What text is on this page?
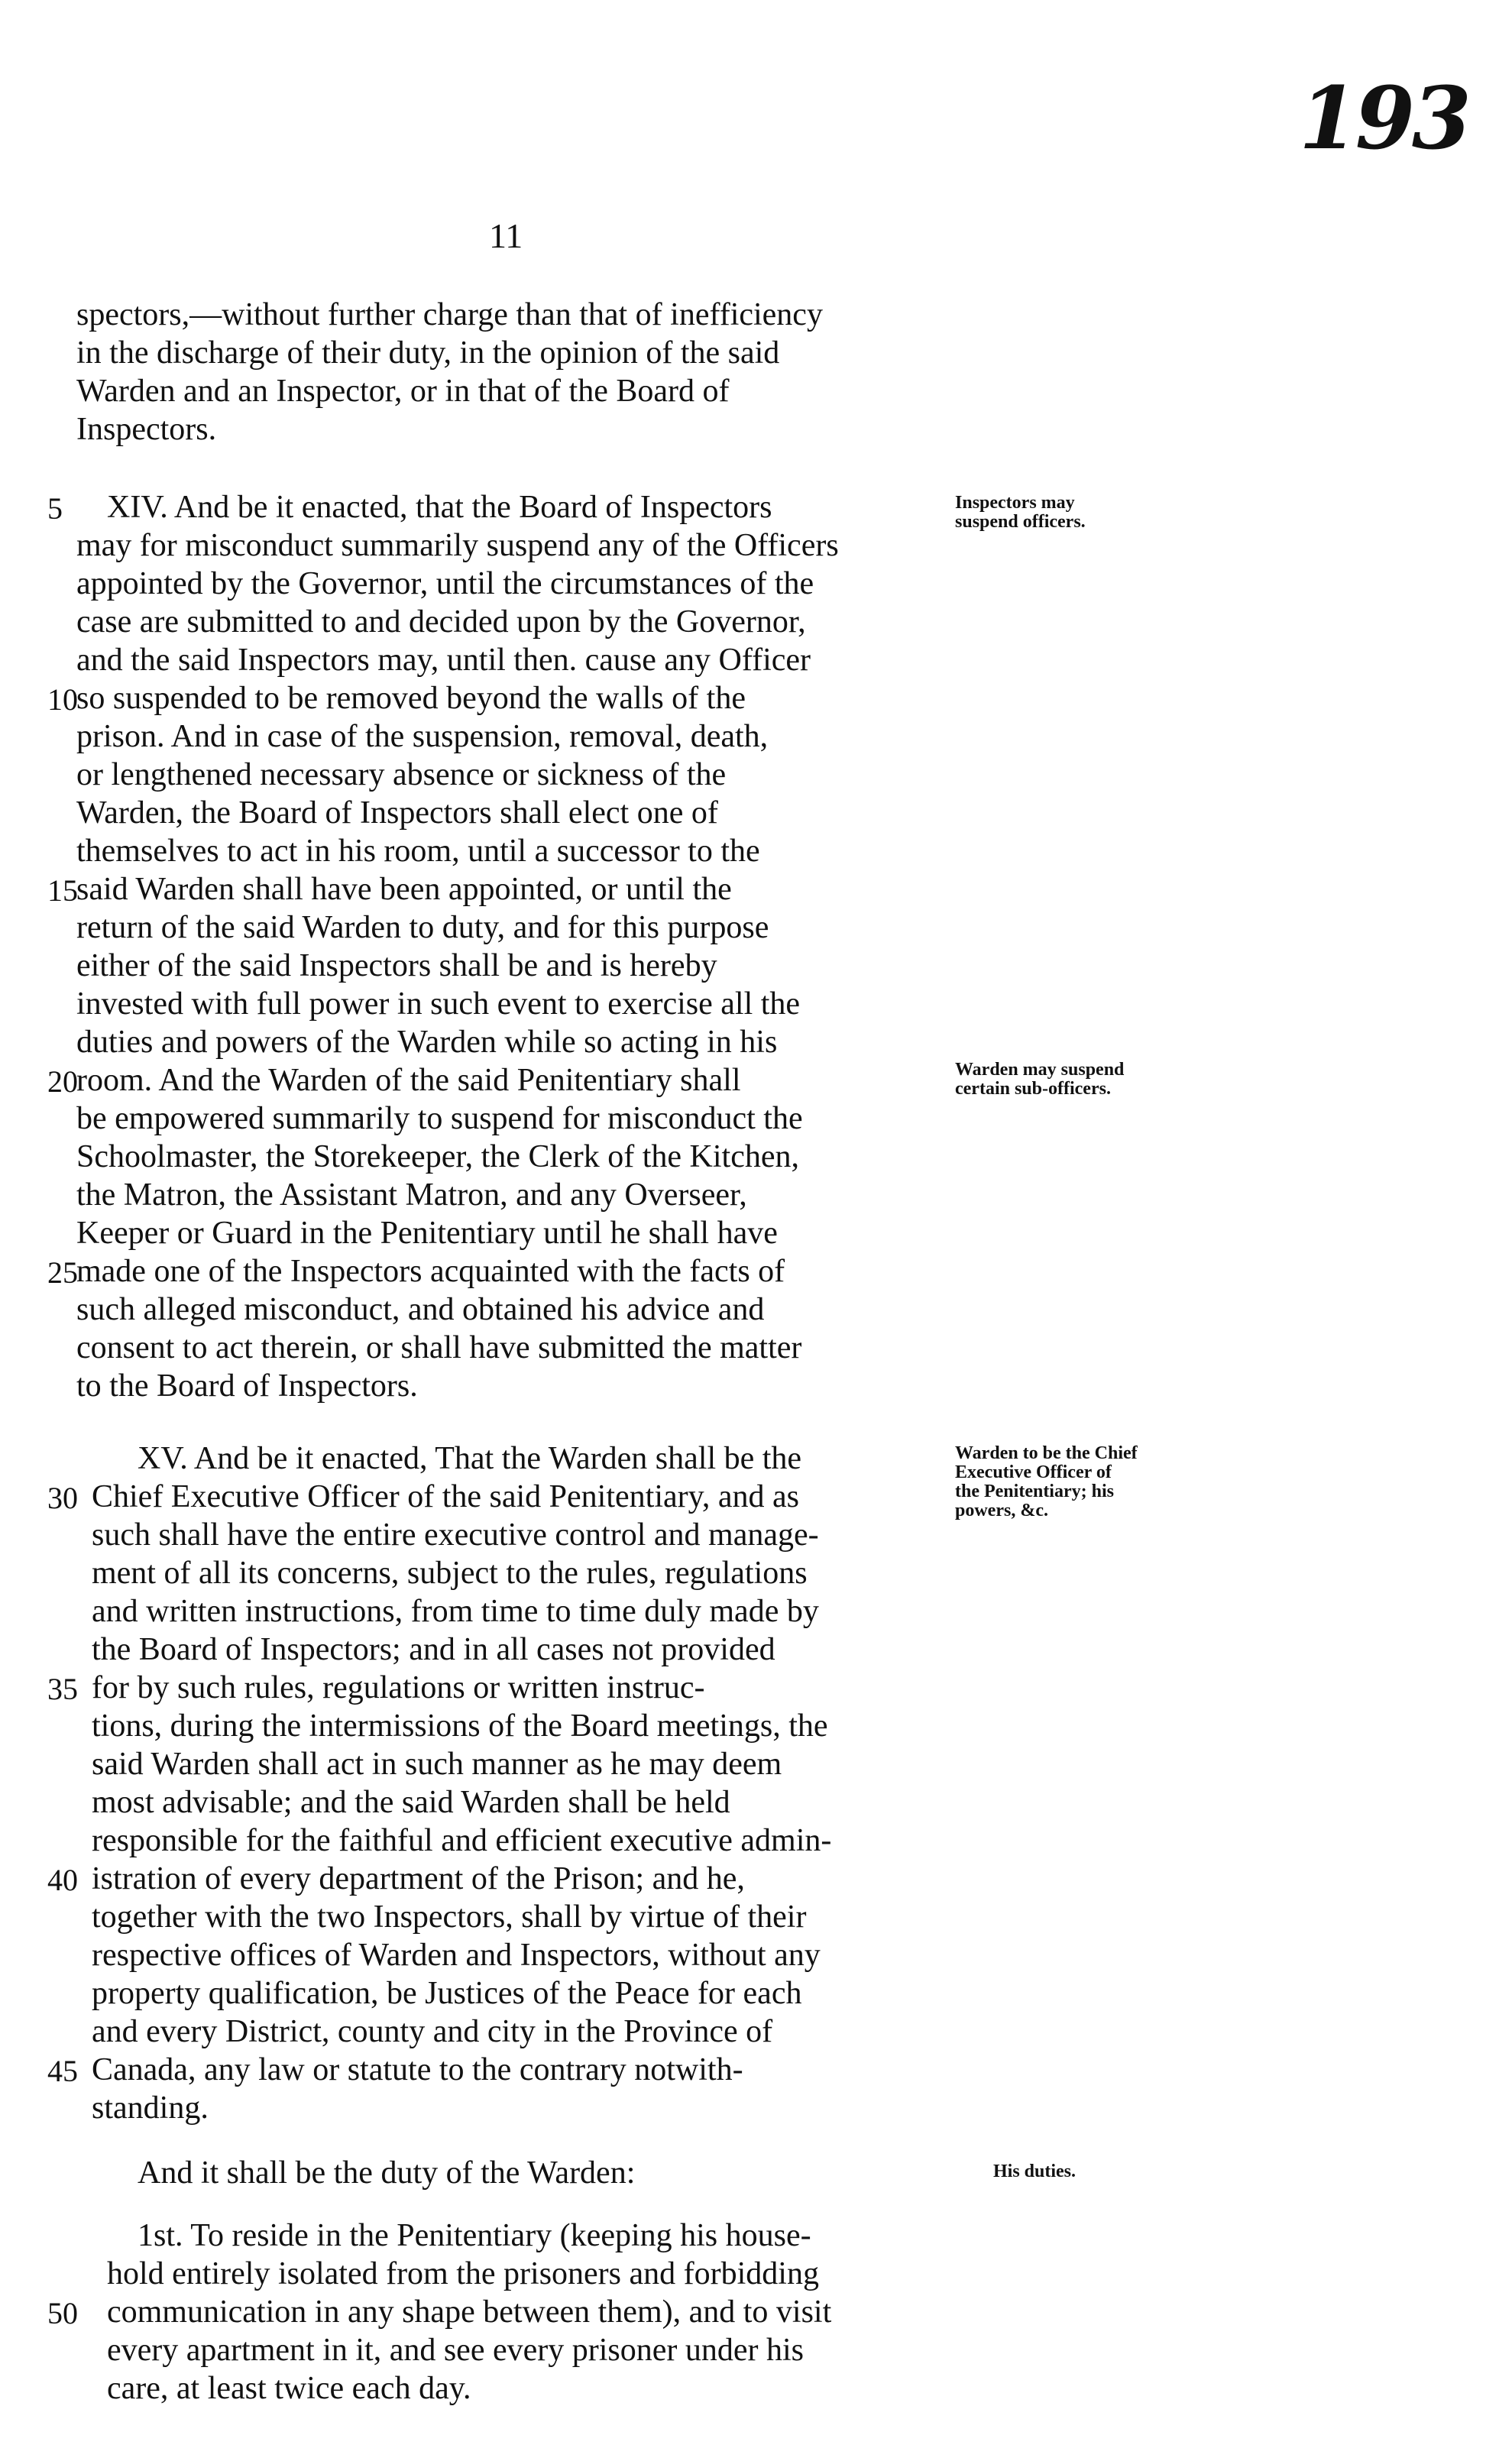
193
11
spectors,—without further charge than that of inefficiency
in the discharge of their duty, in the opinion of the said
Warden and an Inspector, or in that of the Board of
Inspectors.
5	XIV. And be it enacted, that the Board of Inspectors
may for misconduct summarily suspend any of the Officers
appointed by the Governor, until the circumstances of the
case are submitted to and decided upon by the Governor,
and the said Inspectors may, until then. cause any Officer
10
so suspended to be removed beyond the walls of the
prison. And in case of the suspension, removal, death,
or lengthened necessary absence or sickness of the
Warden, the Board of Inspectors shall elect one of
themselves to act in his room, until a successor to the
15
said Warden shall have been appointed, or until the
return of the said Warden to duty, and for this purpose
either of the said Inspectors shall be and is hereby
invested with full power in such event to exercise all the
duties and powers of the Warden while so acting in his
20
room. And the Warden of the said Penitentiary shall
be empowered summarily to suspend for misconduct the
Schoolmaster, the Storekeeper, the Clerk of the Kitchen,
the Matron, the Assistant Matron, and any Overseer,
Keeper or Guard in the Penitentiary until he shall have
25
made one of the Inspectors acquainted with the facts of
such alleged misconduct, and obtained his advice and
consent to act therein, or shall have submitted the matter
to the Board of Inspectors.
XV. And be it enacted, That the Warden shall be the
30 Chief Executive Officer of the said Penitentiary, and as
such shall have the entire executive control and manage-
ment of all its concerns, subject to the rules, regulations
and written instructions, from time to time duly made by
the Board of Inspectors; and in all cases not provided
35 for by such rules, regulations or written instruc-
tions, during the intermissions of the Board meetings, the
said Warden shall act in such manner as he may deem
most advisable; and the said Warden shall be held
responsible for the faithful and efficient executive admin-
40 istration of every department of the Prison; and he,
together with the two Inspectors, shall by virtue of their
respective offices of Warden and Inspectors, without any
property qualification, be Justices of the Peace for each
and every District, county and city in the Province of
45 Canada, any law or statute to the contrary notwith-
standing.
And it shall be the duty of the Warden:
1st. To reside in the Penitentiary (keeping his house-
hold entirely isolated from the prisoners and forbidding
50 communication in any shape between them), and to visit
every apartment in it, and see every prisoner under his
care, at least twice each day.
Inspectors may suspend officers.
Warden may suspend certain sub-officers.
Warden to be the Chief Executive Officer of the Penitentiary; his powers, &c.
His duties.
